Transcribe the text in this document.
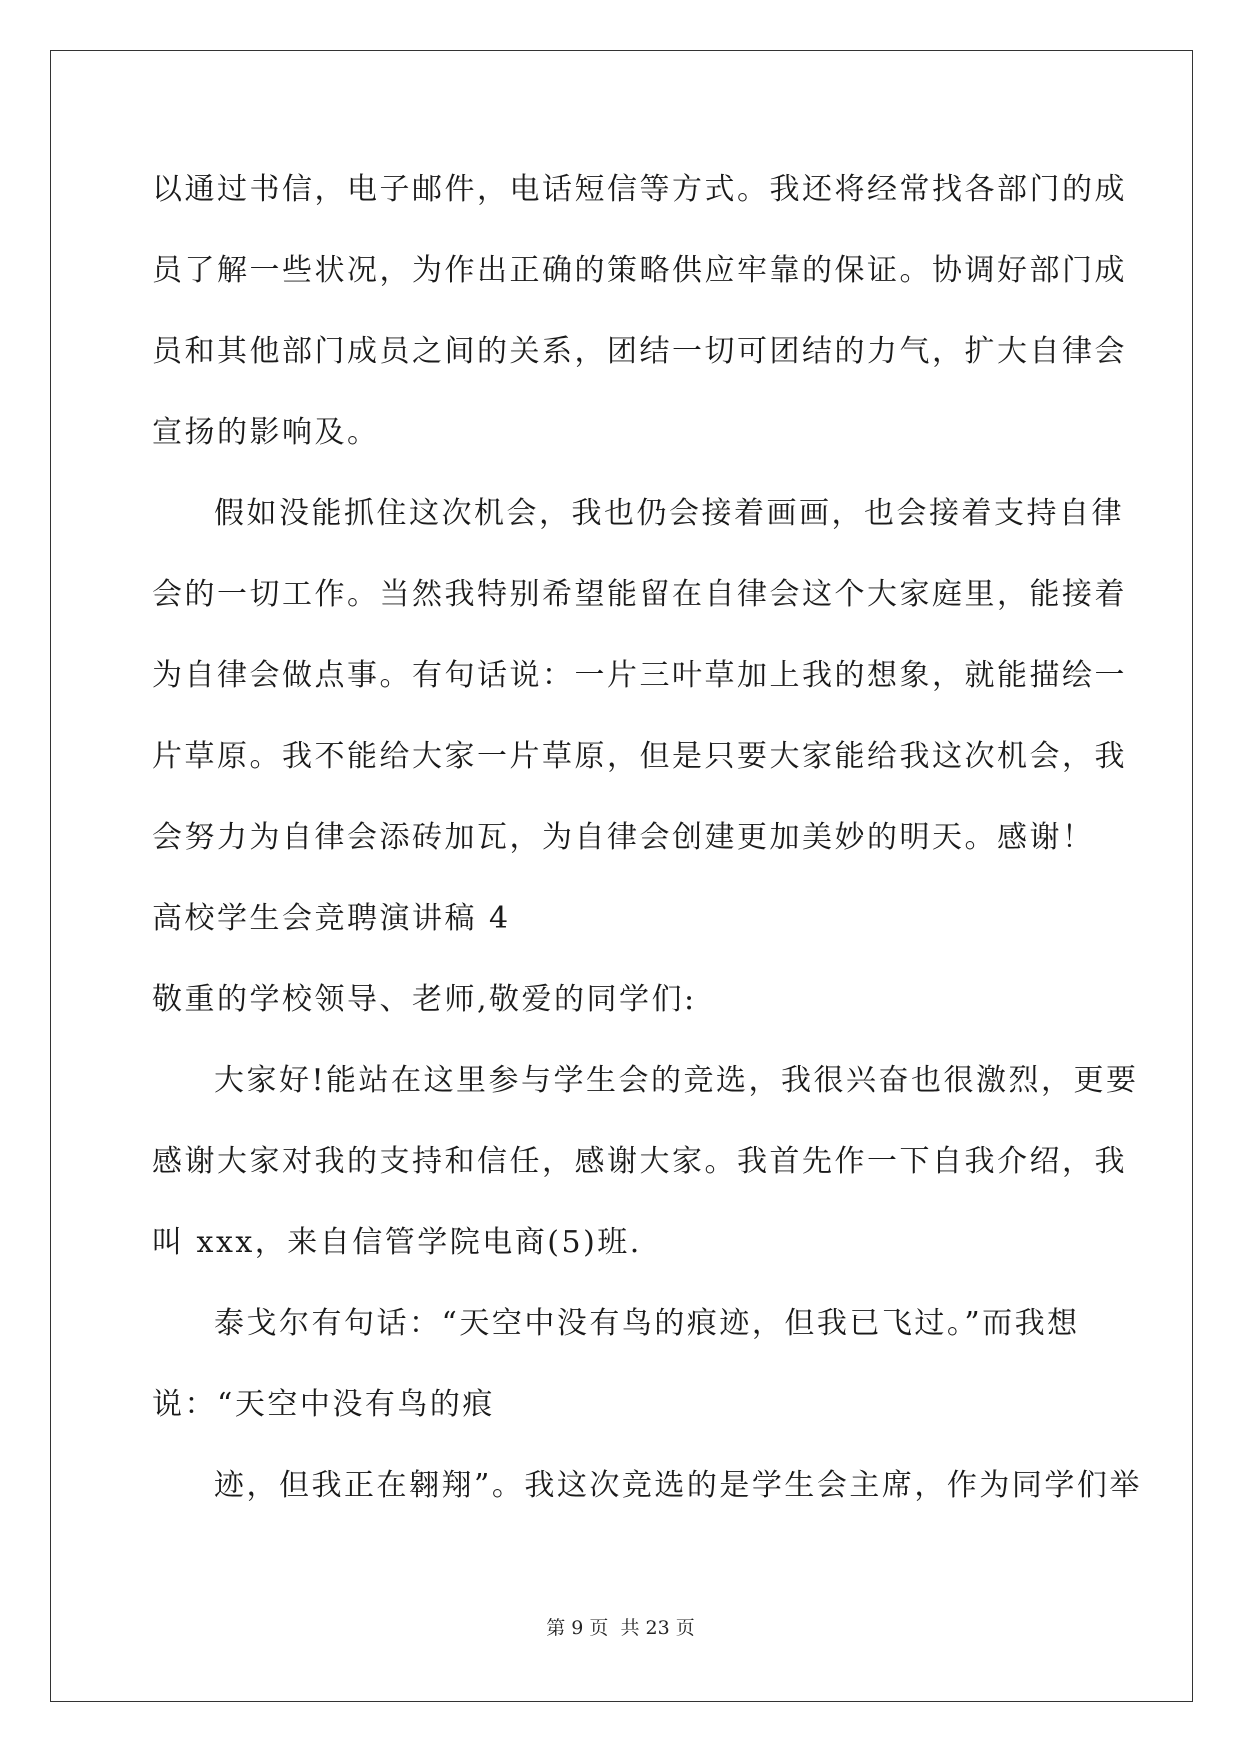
以通过书信，电子邮件，电话短信等方式。我还将经常找各部门的成
员了解一些状况，为作出正确的策略供应牢靠的保证。协调好部门成
员和其他部门成员之间的关系，团结一切可团结的力气，扩大自律会
宣扬的影响及。
假如没能抓住这次机会，我也仍会接着画画，也会接着支持自律
会的一切工作。当然我特别希望能留在自律会这个大家庭里，能接着
为自律会做点事。有句话说：一片三叶草加上我的想象，就能描绘一
片草原。我不能给大家一片草原，但是只要大家能给我这次机会，我
会努力为自律会添砖加瓦，为自律会创建更加美妙的明天。感谢！
高校学生会竞聘演讲稿 4
敬重的学校领导、老师,敬爱的同学们:
大家好!能站在这里参与学生会的竞选，我很兴奋也很激烈，更要
感谢大家对我的支持和信任，感谢大家。我首先作一下自我介绍，我
叫 xxx，来自信管学院电商(5)班.
泰戈尔有句话：“天空中没有鸟的痕迹，但我已飞过。”而我想
说：“天空中没有鸟的痕
迹，但我正在翱翔”。我这次竞选的是学生会主席，作为同学们举
第 9 页 共 23 页
